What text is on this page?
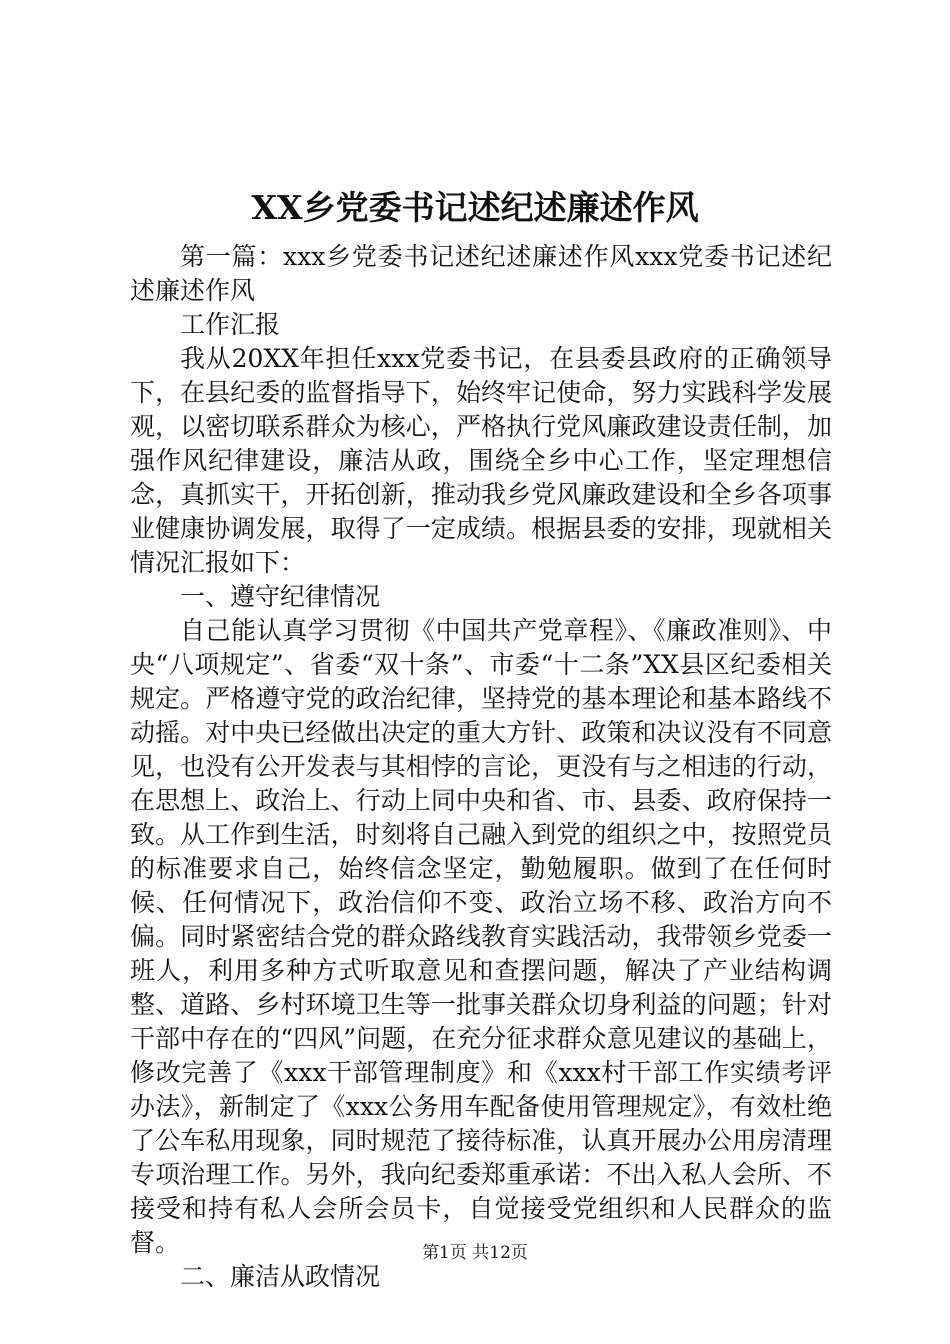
XX乡党委书记述纪述廉述作风

第一篇：xxx乡党委书记述纪述廉述作风xxx党委书记述纪述廉述作风

工作汇报

我从20XX年担任xxx党委书记，在县委县政府的正确领导下，在县纪委的监督指导下，始终牢记使命，努力实践科学发展观，以密切联系群众为核心，严格执行党风廉政建设责任制，加强作风纪律建设，廉洁从政，围绕全乡中心工作，坚定理想信念，真抓实干，开拓创新，推动我乡党风廉政建设和全乡各项事业健康协调发展，取得了一定成绩。根据县委的安排，现就相关情况汇报如下：

一、遵守纪律情况

自己能认真学习贯彻《中国共产党章程》、《廉政准则》、中央“八项规定”、省委“双十条”、市委“十二条”XX县区纪委相关规定。严格遵守党的政治纪律，坚持党的基本理论和基本路线不动摇。对中央已经做出决定的重大方针、政策和决议没有不同意见，也没有公开发表与其相悖的言论，更没有与之相违的行动，在思想上、政治上、行动上同中央和省、市、县委、政府保持一致。从工作到生活，时刻将自己融入到党的组织之中，按照党员的标准要求自己，始终信念坚定，勤勉履职。做到了在任何时候、任何情况下，政治信仰不变、政治立场不移、政治方向不偏。同时紧密结合党的群众路线教育实践活动，我带领乡党委一班人，利用多种方式听取意见和查摆问题，解决了产业结构调整、道路、乡村环境卫生等一批事关群众切身利益的问题；针对干部中存在的“四风”问题，在充分征求群众意见建议的基础上，修改完善了《xxx干部管理制度》和《xxx村干部工作实绩考评办法》，新制定了《xxx公务用车配备使用管理规定》，有效杜绝了公车私用现象，同时规范了接待标准，认真开展办公用房清理专项治理工作。另外，我向纪委郑重承诺：不出入私人会所、不接受和持有私人会所会员卡，自觉接受党组织和人民群众的监督。

二、廉洁从政情况

第1页 共12页
